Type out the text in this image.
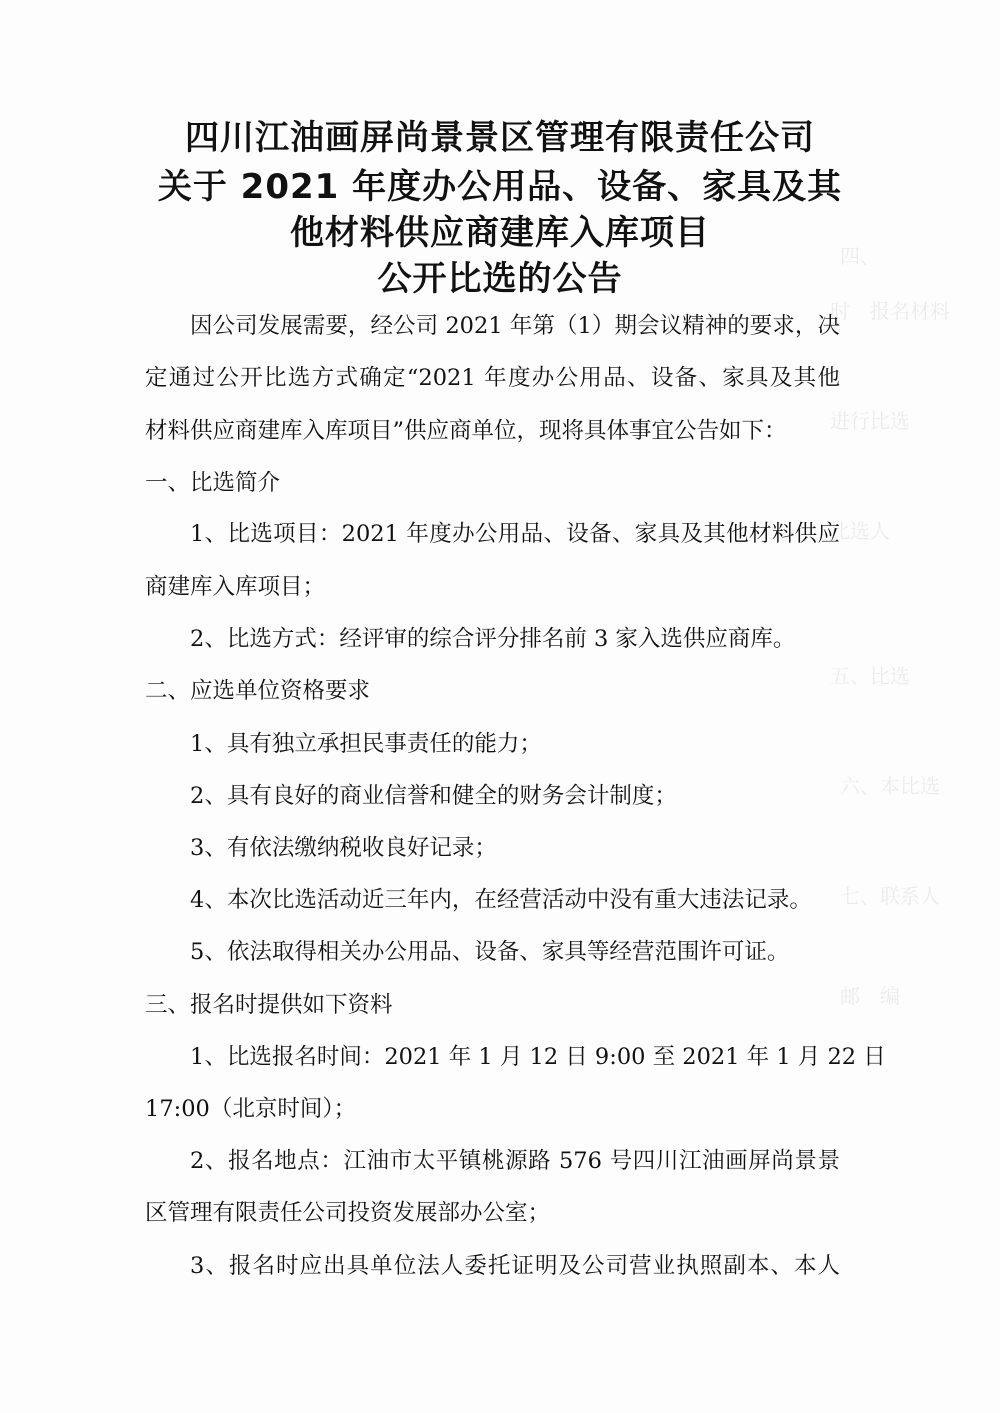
四、　　　　
时　报名材料
进行比选　　
比选人　　　
五、比选　　
六、本比选　
七、联系人　
邮　编　　　
四川江油画屏尚景景区管理有限责任公司
关于 2021 年度办公用品、设备、家具及其
他材料供应商建库入库项目
公开比选的公告
因公司发展需要，经公司 2021 年第（1）期会议精神的要求，决
定通过公开比选方式确定“2021 年度办公用品、设备、家具及其他
材料供应商建库入库项目”供应商单位，现将具体事宜公告如下：
一、比选简介
1、比选项目：2021 年度办公用品、设备、家具及其他材料供应
商建库入库项目；
2、比选方式：经评审的综合评分排名前 3 家入选供应商库。
二、应选单位资格要求
1、具有独立承担民事责任的能力；
2、具有良好的商业信誉和健全的财务会计制度；
3、有依法缴纳税收良好记录；
4、本次比选活动近三年内，在经营活动中没有重大违法记录。
5、依法取得相关办公用品、设备、家具等经营范围许可证。
三、报名时提供如下资料
1、比选报名时间：2021 年 1 月 12 日 9:00 至 2021 年 1 月 22 日
17:00（北京时间）；
2、报名地点：江油市太平镇桃源路 576 号四川江油画屏尚景景
区管理有限责任公司投资发展部办公室；
3、报名时应出具单位法人委托证明及公司营业执照副本、本人
